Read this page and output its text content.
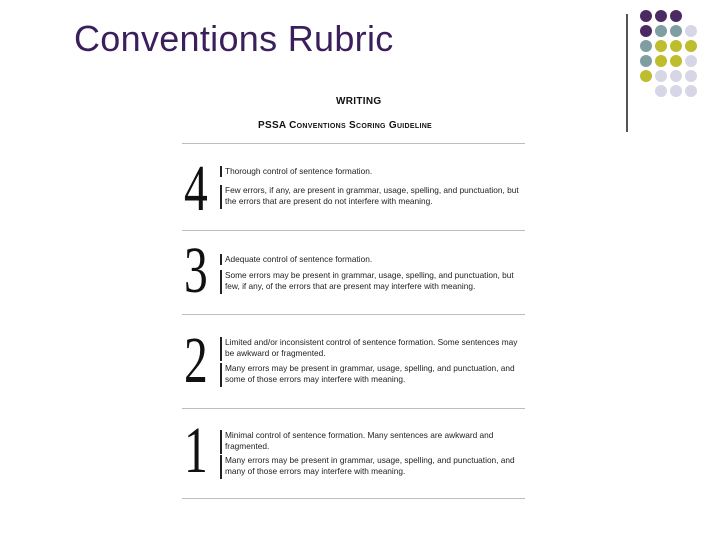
Conventions Rubric
WRITING
PSSA Conventions Scoring Guideline
4 Thorough control of sentence formation.
Few errors, if any, are present in grammar, usage, spelling, and punctuation, but the errors that are present do not interfere with meaning.
3 Adequate control of sentence formation.
Some errors may be present in grammar, usage, spelling, and punctuation, but few, if any, of the errors that are present may interfere with meaning.
2 Limited and/or inconsistent control of sentence formation. Some sentences may be awkward or fragmented.
Many errors may be present in grammar, usage, spelling, and punctuation, and some of those errors may interfere with meaning.
1 Minimal control of sentence formation. Many sentences are awkward and fragmented.
Many errors may be present in grammar, usage, spelling, and punctuation, and many of those errors may interfere with meaning.
